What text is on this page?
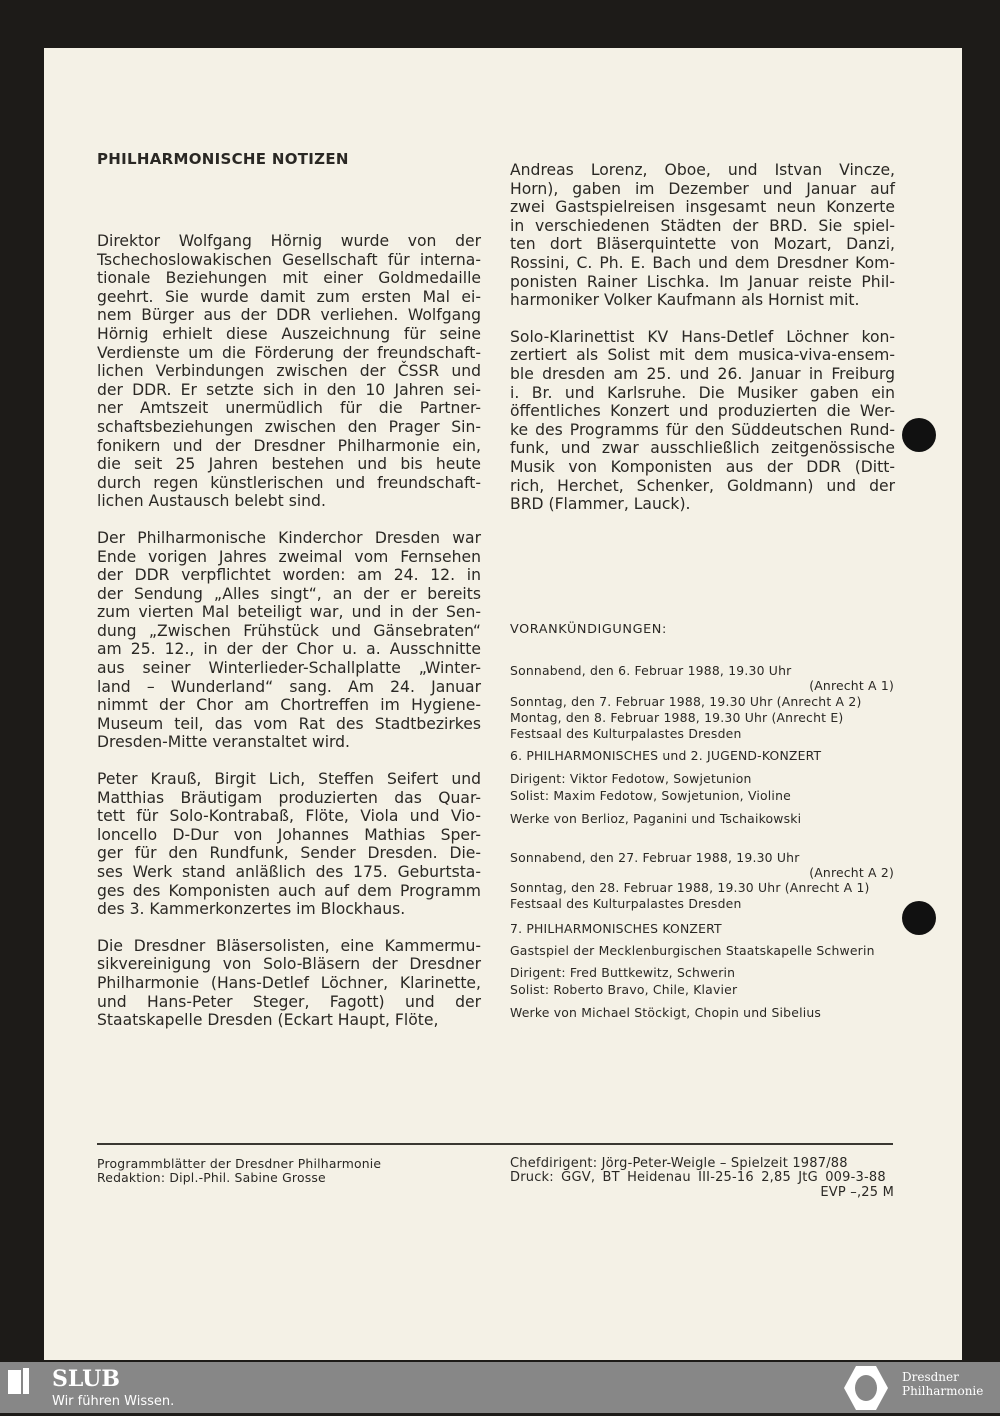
PHILHARMONISCHE NOTIZEN
Direktor Wolfgang Hörnig wurde von der
Tschechoslowakischen Gesellschaft für interna-
tionale Beziehungen mit einer Goldmedaille
geehrt. Sie wurde damit zum ersten Mal ei-
nem Bürger aus der DDR verliehen. Wolfgang
Hörnig erhielt diese Auszeichnung für seine
Verdienste um die Förderung der freundschaft-
lichen Verbindungen zwischen der ČSSR und
der DDR. Er setzte sich in den 10 Jahren sei-
ner Amtszeit unermüdlich für die Partner-
schaftsbeziehungen zwischen den Prager Sin-
fonikern und der Dresdner Philharmonie ein,
die seit 25 Jahren bestehen und bis heute
durch regen künstlerischen und freundschaft-
lichen Austausch belebt sind.
Der Philharmonische Kinderchor Dresden war
Ende vorigen Jahres zweimal vom Fernsehen
der DDR verpflichtet worden: am 24. 12. in
der Sendung „Alles singt“, an der er bereits
zum vierten Mal beteiligt war, und in der Sen-
dung „Zwischen Frühstück und Gänsebraten“
am 25. 12., in der der Chor u. a. Ausschnitte
aus seiner Winterlieder-Schallplatte „Winter-
land – Wunderland“ sang. Am 24. Januar
nimmt der Chor am Chortreffen im Hygiene-
Museum teil, das vom Rat des Stadtbezirkes
Dresden-Mitte veranstaltet wird.
Peter Krauß, Birgit Lich, Steffen Seifert und
Matthias Bräutigam produzierten das Quar-
tett für Solo-Kontrabaß, Flöte, Viola und Vio-
loncello D-Dur von Johannes Mathias Sper-
ger für den Rundfunk, Sender Dresden. Die-
ses Werk stand anläßlich des 175. Geburtsta-
ges des Komponisten auch auf dem Programm
des 3. Kammerkonzertes im Blockhaus.
Die Dresdner Bläsersolisten, eine Kammermu-
sikvereinigung von Solo-Bläsern der Dresdner
Philharmonie (Hans-Detlef Löchner, Klarinette,
und Hans-Peter Steger, Fagott) und der
Staatskapelle Dresden (Eckart Haupt, Flöte,
Andreas Lorenz, Oboe, und Istvan Vincze,
Horn), gaben im Dezember und Januar auf
zwei Gastspielreisen insgesamt neun Konzerte
in verschiedenen Städten der BRD. Sie spiel-
ten dort Bläserquintette von Mozart, Danzi,
Rossini, C. Ph. E. Bach und dem Dresdner Kom-
ponisten Rainer Lischka. Im Januar reiste Phil-
harmoniker Volker Kaufmann als Hornist mit.
Solo-Klarinettist KV Hans-Detlef Löchner kon-
zertiert als Solist mit dem musica-viva-ensem-
ble dresden am 25. und 26. Januar in Freiburg
i. Br. und Karlsruhe. Die Musiker gaben ein
öffentliches Konzert und produzierten die Wer-
ke des Programms für den Süddeutschen Rund-
funk, und zwar ausschließlich zeitgenössische
Musik von Komponisten aus der DDR (Ditt-
rich, Herchet, Schenker, Goldmann) und der
BRD (Flammer, Lauck).
VORANKÜNDIGUNGEN:
Sonnabend, den 6. Februar 1988, 19.30 Uhr
(Anrecht A 1)
Sonntag, den 7. Februar 1988, 19.30 Uhr (Anrecht A 2)
Montag, den 8. Februar 1988, 19.30 Uhr (Anrecht E)
Festsaal des Kulturpalastes Dresden
6. PHILHARMONISCHES und 2. JUGEND-KONZERT
Dirigent: Viktor Fedotow, Sowjetunion
Solist: Maxim Fedotow, Sowjetunion, Violine
Werke von Berlioz, Paganini und Tschaikowski
Sonnabend, den 27. Februar 1988, 19.30 Uhr
(Anrecht A 2)
Sonntag, den 28. Februar 1988, 19.30 Uhr (Anrecht A 1)
Festsaal des Kulturpalastes Dresden
7. PHILHARMONISCHES KONZERT
Gastspiel der Mecklenburgischen Staatskapelle Schwerin
Dirigent: Fred Buttkewitz, Schwerin
Solist: Roberto Bravo, Chile, Klavier
Werke von Michael Stöckigt, Chopin und Sibelius
Programmblätter der Dresdner Philharmonie
Redaktion: Dipl.-Phil. Sabine Grosse
Chefdirigent: Jörg-Peter-Weigle – Spielzeit 1987/88
Druck: GGV, BT Heidenau III-25-16 2,85 JtG 009-3-88
EVP –,25 M
SLUB
Wir führen Wissen.
Dresdner
Philharmonie
